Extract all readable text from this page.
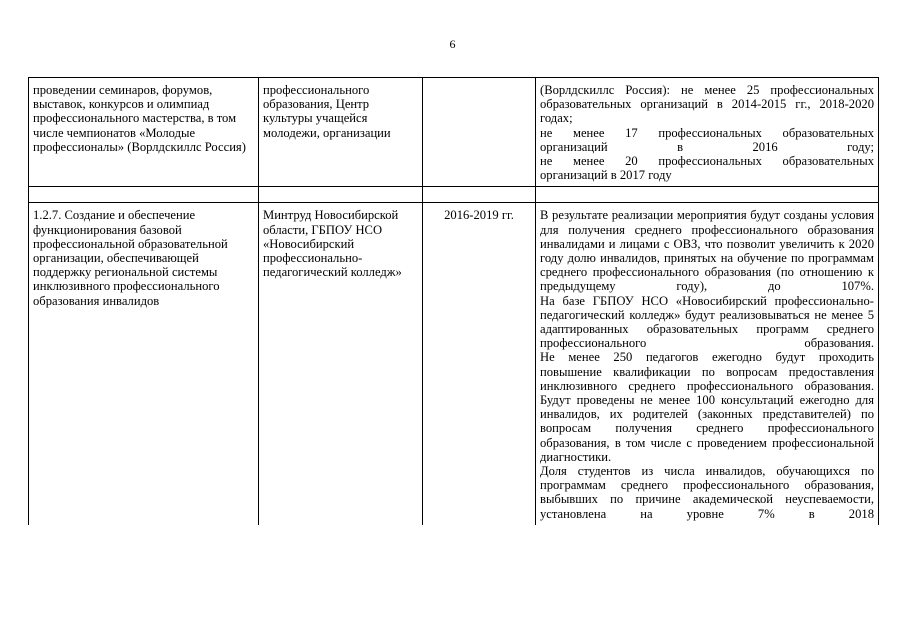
6
проведении семинаров, форумов, выставок, конкурсов и олимпиад профессионального мастерства, в том числе чемпионатов «Молодые профессионалы» (Ворлдскиллс Россия)	профессионального образования, Центр культуры учащейся молодежи, организации		(Ворлдскиллс Россия): не менее 25 профессиональных образовательных организаций в 2014-2015 гг., 2018-2020 годах;

не менее 17 профессиональных образовательных организаций в 2016 году;

не менее 20 профессиональных образовательных организаций в 2017 году

1.2.7. Создание и обеспечение функционирования базовой профессиональной образовательной организации, обеспечивающей поддержку региональной системы инклюзивного профессионального образования инвалидов	Минтруд Новосибирской области, ГБПОУ НСО «Новосибирский профессионально-педагогический колледж»	2016-2019 гг.	В результате реализации мероприятия будут созданы условия для получения среднего профессионального образования инвалидами и лицами с ОВЗ, что позволит увеличить к 2020 году долю инвалидов, принятых на обучение по программам среднего профессионального образования (по отношению к предыдущему году), до 107%.

На базе ГБПОУ НСО «Новосибирский профессионально-педагогический колледж» будут реализовываться не менее 5 адаптированных образовательных программ среднего профессионального образования.

Не менее 250 педагогов ежегодно будут проходить повышение квалификации по вопросам предоставления инклюзивного среднего профессионального образования. Будут проведены не менее 100 консультаций ежегодно для инвалидов, их родителей (законных представителей) по вопросам получения среднего профессионального образования, в том числе с проведением профессиональной диагностики.

Доля студентов из числа инвалидов, обучающихся по программам среднего профессионального образования, выбывших по причине академической неуспеваемости, установлена на уровне 7% в 2018
